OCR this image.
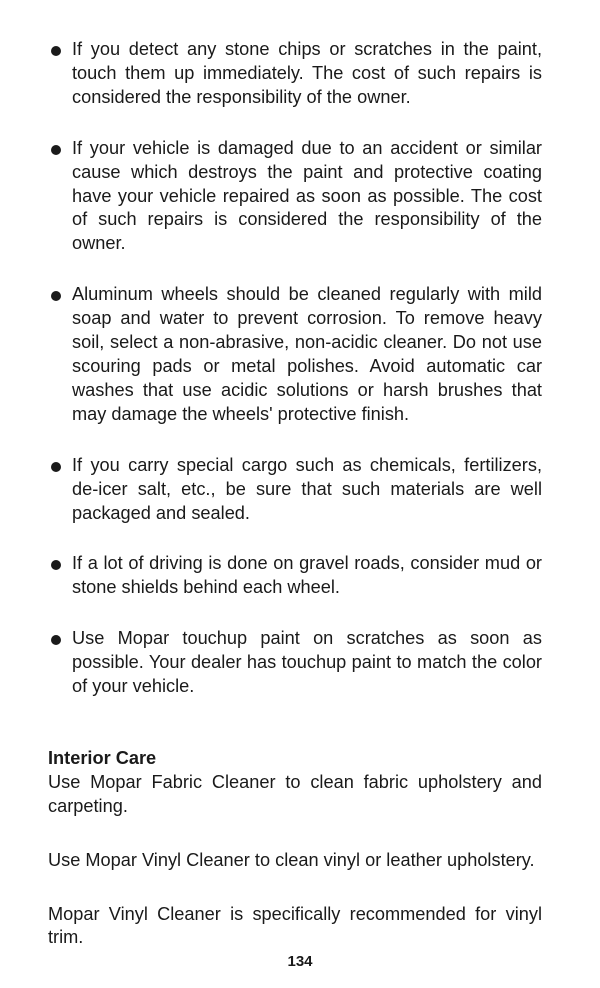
If you detect any stone chips or scratches in the paint, touch them up immediately. The cost of such repairs is considered the responsibility of the owner.
If your vehicle is damaged due to an accident or similar cause which destroys the paint and protective coating have your vehicle repaired as soon as possible. The cost of such repairs is considered the responsibility of the owner.
Aluminum wheels should be cleaned regularly with mild soap and water to prevent corrosion. To remove heavy soil, select a non-abrasive, non-acidic cleaner. Do not use scouring pads or metal polishes. Avoid automatic car washes that use acidic solutions or harsh brushes that may damage the wheels' protective finish.
If you carry special cargo such as chemicals, fertilizers, de-icer salt, etc., be sure that such materials are well packaged and sealed.
If a lot of driving is done on gravel roads, consider mud or stone shields behind each wheel.
Use Mopar touchup paint on scratches as soon as possible. Your dealer has touchup paint to match the color of your vehicle.
Interior Care

Use Mopar Fabric Cleaner to clean fabric upholstery and carpeting.

Use Mopar Vinyl Cleaner to clean vinyl or leather upholstery.

Mopar Vinyl Cleaner is specifically recommended for vinyl trim.

134
